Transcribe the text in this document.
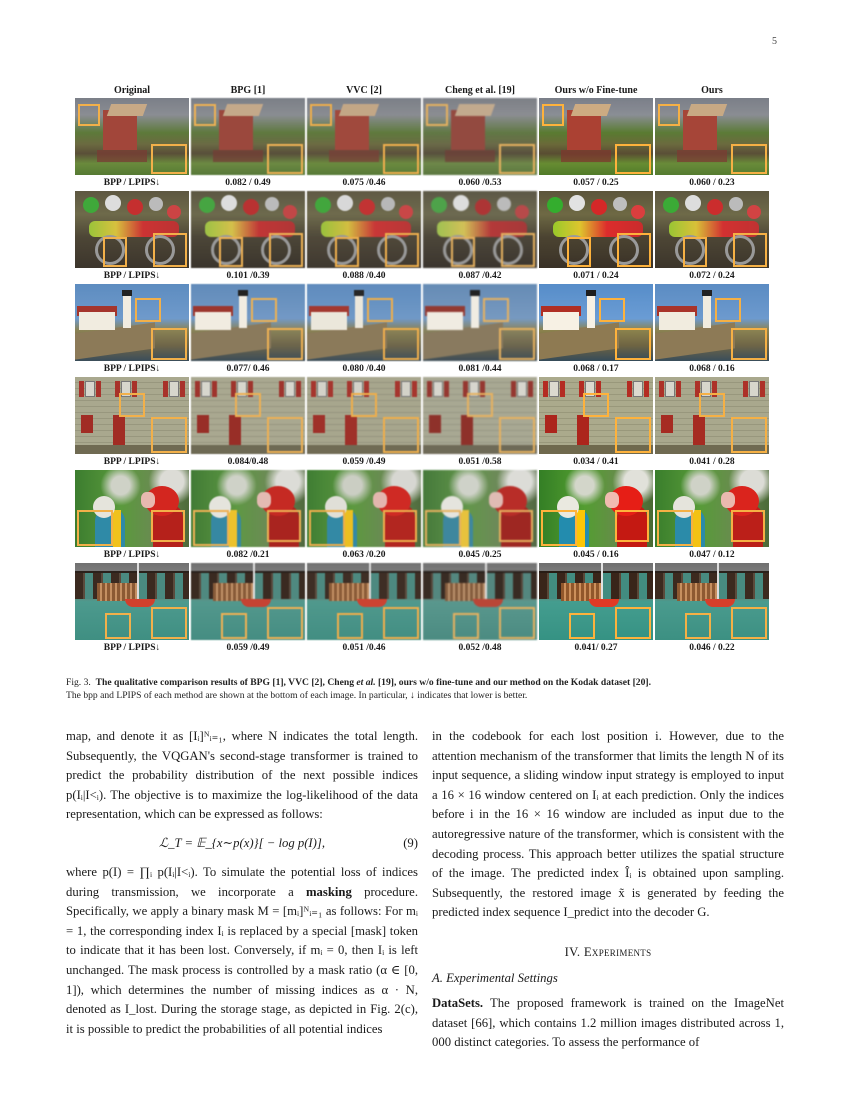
5
Original	BPG [1]	VVC [2]	Cheng et al. [19]	Ours w/o Fine-tune	Ours
BPP / LPIPS↓	0.082 / 0.49	0.075 /0.46	0.060 /0.53	0.057 / 0.25	0.060 / 0.23
BPP / LPIPS↓	0.101 /0.39	0.088 /0.40	0.087 /0.42	0.071 / 0.24	0.072 / 0.24
BPP / LPIPS↓	0.077/ 0.46	0.080 /0.40	0.081 /0.44	0.068 / 0.17	0.068 / 0.16
BPP / LPIPS↓	0.084/0.48	0.059 /0.49	0.051 /0.58	0.034 / 0.41	0.041 / 0.28
BPP / LPIPS↓	0.082 /0.21	0.063 /0.20	0.045 /0.25	0.045 / 0.16	0.047 / 0.12
BPP / LPIPS↓	0.059 /0.49	0.051 /0.46	0.052 /0.48	0.041/ 0.27	0.046 / 0.22
Fig. 3. The qualitative comparison results of BPG [1], VVC [2], Cheng et al. [19], ours w/o fine-tune and our method on the Kodak dataset [20].
The bpp and LPIPS of each method are shown at the bottom of each image. In particular, ↓ indicates that lower is better.

map, and denote it as [Iᵢ]ᴺᵢ₌₁, where N indicates the total length. Subsequently, the VQGAN's second-stage transformer is trained to predict the probability distribution of the next possible indices p(Iᵢ|I<ᵢ). The objective is to maximize the log-likelihood of the data representation, which can be expressed as follows:

ℒ_T = 𝔼_{x∼p(x)}[ − log p(I)],	(9)

where p(I) = ∏ᵢ p(Iᵢ|I<ᵢ). To simulate the potential loss of indices during transmission, we incorporate a masking procedure. Specifically, we apply a binary mask M = [mᵢ]ᴺᵢ₌₁ as follows: For mᵢ = 1, the corresponding index Iᵢ is replaced by a special [mask] token to indicate that it has been lost. Conversely, if mᵢ = 0, then Iᵢ is left unchanged. The mask process is controlled by a mask ratio (α ∈ [0, 1]), which determines the number of missing indices as α · N, denoted as I_lost. During the storage stage, as depicted in Fig. 2(c), it is possible to predict the probabilities of all potential indices

in the codebook for each lost position i. However, due to the attention mechanism of the transformer that limits the length N of its input sequence, a sliding window input strategy is employed to input a 16 × 16 window centered on Iᵢ at each prediction. Only the indices before i in the 16 × 16 window are included as input due to the autoregressive nature of the transformer, which is consistent with the decoding process. This approach better utilizes the spatial structure of the image. The predicted index Îᵢ is obtained upon sampling. Subsequently, the restored image x̃ is generated by feeding the predicted index sequence I_predict into the decoder G.

IV. Experiments
A. Experimental Settings

DataSets. The proposed framework is trained on the ImageNet dataset [66], which contains 1.2 million images distributed across 1, 000 distinct categories. To assess the performance of
